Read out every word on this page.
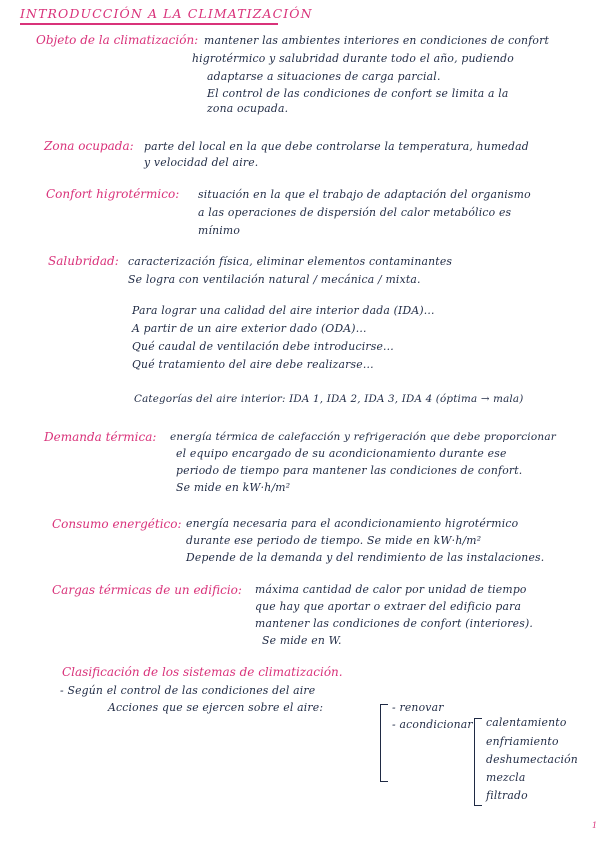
INTRODUCCIÓN A LA CLIMATIZACIÓN
Objeto de la climatización: mantener las ambientes interiores en condiciones de confort
higrotérmico y salubridad durante todo el año, pudiendo
adaptarse a situaciones de carga parcial.
El control de las condiciones de confort se limita a la
zona ocupada.
Zona ocupada: parte del local en la que debe controlarse la temperatura, humedad
y velocidad del aire.
Confort higrotérmico: situación en la que el trabajo de adaptación del organismo
a las operaciones de dispersión del calor metabólico es
mínimo
Salubridad: caracterización física, eliminar elementos contaminantes
Se logra con ventilación natural / mecánica / mixta.
Para lograr una calidad del aire interior dada (IDA)...
A partir de un aire exterior dado (ODA)...
Qué caudal de ventilación debe introducirse...
Qué tratamiento del aire debe realizarse...
Categorías del aire interior: IDA 1, IDA 2, IDA 3, IDA 4 (óptima → mala)
Demanda térmica: energía térmica de calefacción y refrigeración que debe proporcionar
el equipo encargado de su acondicionamiento durante ese
periodo de tiempo para mantener las condiciones de confort.
Se mide en kW·h/m²
Consumo energético: energía necesaria para el acondicionamiento higrotérmico
durante ese periodo de tiempo. Se mide en kW·h/m²
Depende de la demanda y del rendimiento de las instalaciones.
Cargas térmicas de un edificio: máxima cantidad de calor por unidad de tiempo
que hay que aportar o extraer del edificio para
mantener las condiciones de confort (interiores).
Se mide en W.
Clasificación de los sistemas de climatización.
- Según el control de las condiciones del aire
Acciones que se ejercen sobre el aire:	- renovar
- acondicionar calentamiento
enfriamiento
deshumectación
mezcla
filtrado
1
